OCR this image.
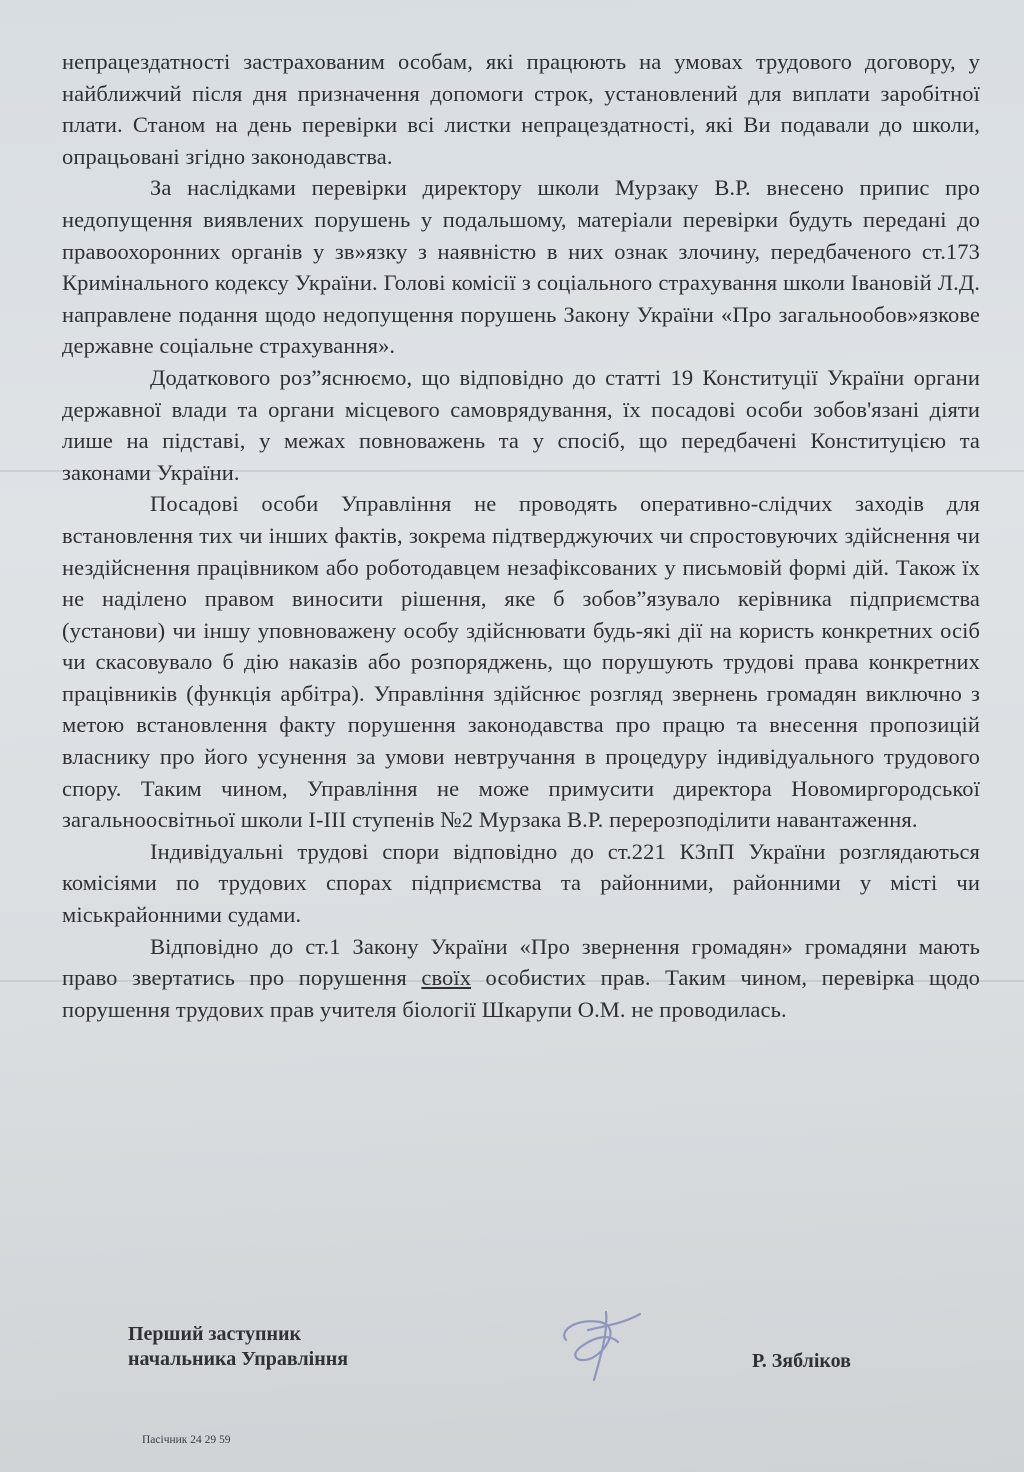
непрацездатності застрахованим особам, які працюють на умовах трудового договору, у найближчий після дня призначення допомоги строк, установлений для виплати заробітної плати. Станом на день перевірки всі листки непрацездатності, які Ви подавали до школи, опрацьовані згідно законодавства.

За наслідками перевірки директору школи Мурзаку В.Р. внесено припис про недопущення виявлених порушень у подальшому, матеріали перевірки будуть передані до правоохоронних органів у зв»язку з наявністю в них ознак злочину, передбаченого ст.173 Кримінального кодексу України. Голові комісії з соціального страхування школи Івановій Л.Д. направлене подання щодо недопущення порушень Закону України «Про загальнообов»язкове державне соціальне страхування».

Додаткового роз”яснюємо, що відповідно до статті 19 Конституції України органи державної влади та органи місцевого самоврядування, їх посадові особи зобов'язані діяти лише на підставі, у межах повноважень та у спосіб, що передбачені Конституцією та законами України.

Посадові особи Управління не проводять оперативно-слідчих заходів для встановлення тих чи інших фактів, зокрема підтверджуючих чи спростовуючих здійснення чи нездійснення працівником або роботодавцем незафіксованих у письмовій формі дій. Також їх не наділено правом виносити рішення, яке б зобов”язувало керівника підприємства (установи) чи іншу уповноважену особу здійснювати будь-які дії на користь конкретних осіб чи скасовувало б дію наказів або розпоряджень, що порушують трудові права конкретних працівників (функція арбітра). Управління здійснює розгляд звернень громадян виключно з метою встановлення факту порушення законодавства про працю та внесення пропозицій власнику про його усунення за умови невтручання в процедуру індивідуального трудового спору. Таким чином, Управління не може примусити директора Новомиргородської загальноосвітньої школи І-ІІІ ступенів №2 Мурзака В.Р. перерозподілити навантаження.

Індивідуальні трудові спори відповідно до ст.221 КЗпП України розглядаються комісіями по трудових спорах підприємства та районними, районними у місті чи міськрайонними судами.

Відповідно до ст.1 Закону України «Про звернення громадян» громадяни мають право звертатись про порушення своїх особистих прав. Таким чином, перевірка щодо порушення трудових прав учителя біології Шкарупи О.М. не проводилась.

Перший заступник
начальника Управління	Р. Зябліков
Пасічник 24 29 59
